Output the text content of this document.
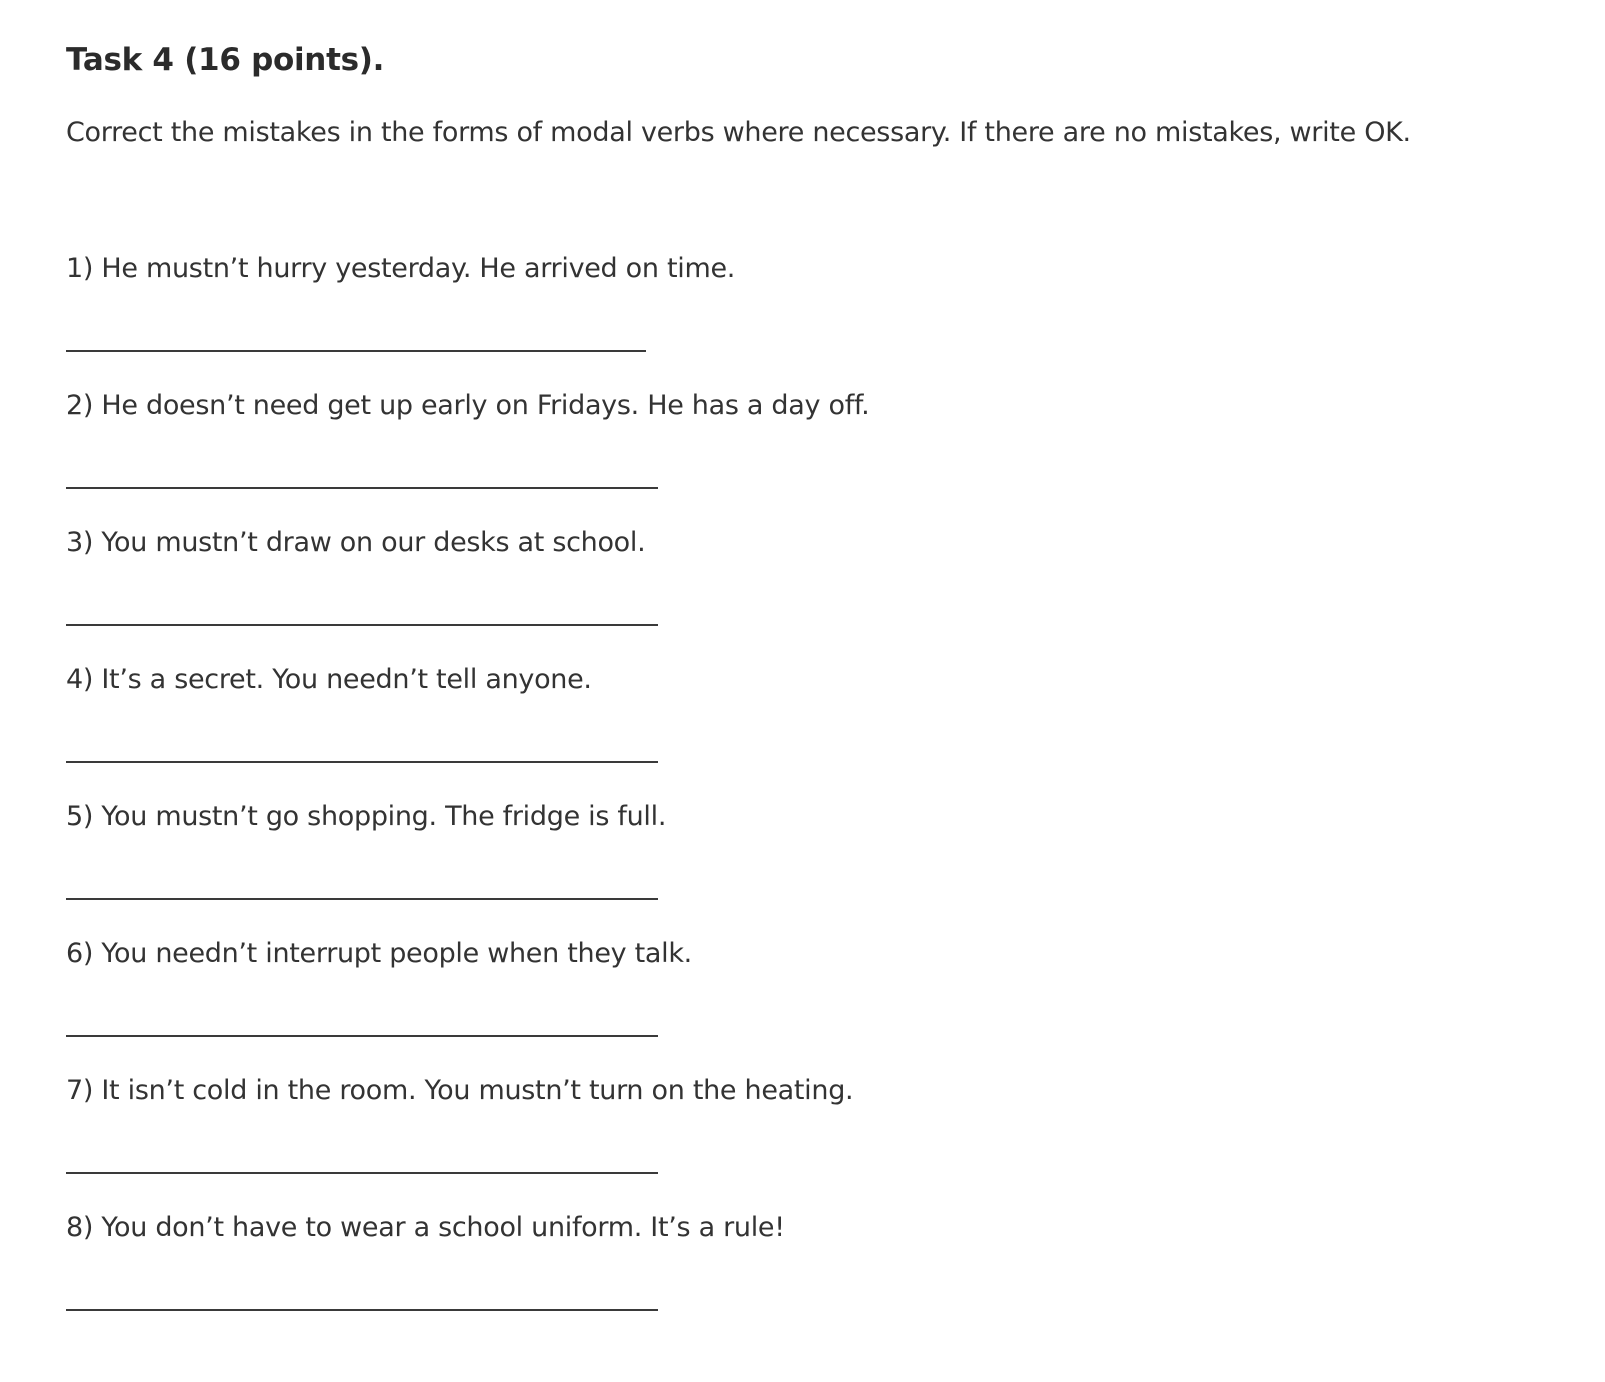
Task 4 (16 points).

Correct the mistakes in the forms of modal verbs where necessary. If there are no mistakes, write OK.

1) He mustn’t hurry yesterday. He arrived on time.
2) He doesn’t need get up early on Fridays. He has a day off.
3) You mustn’t draw on our desks at school.
4) It’s a secret. You needn’t tell anyone.
5) You mustn’t go shopping. The fridge is full.
6) You needn’t interrupt people when they talk.
7) It isn’t cold in the room. You mustn’t turn on the heating.
8) You don’t have to wear a school uniform. It’s a rule!
